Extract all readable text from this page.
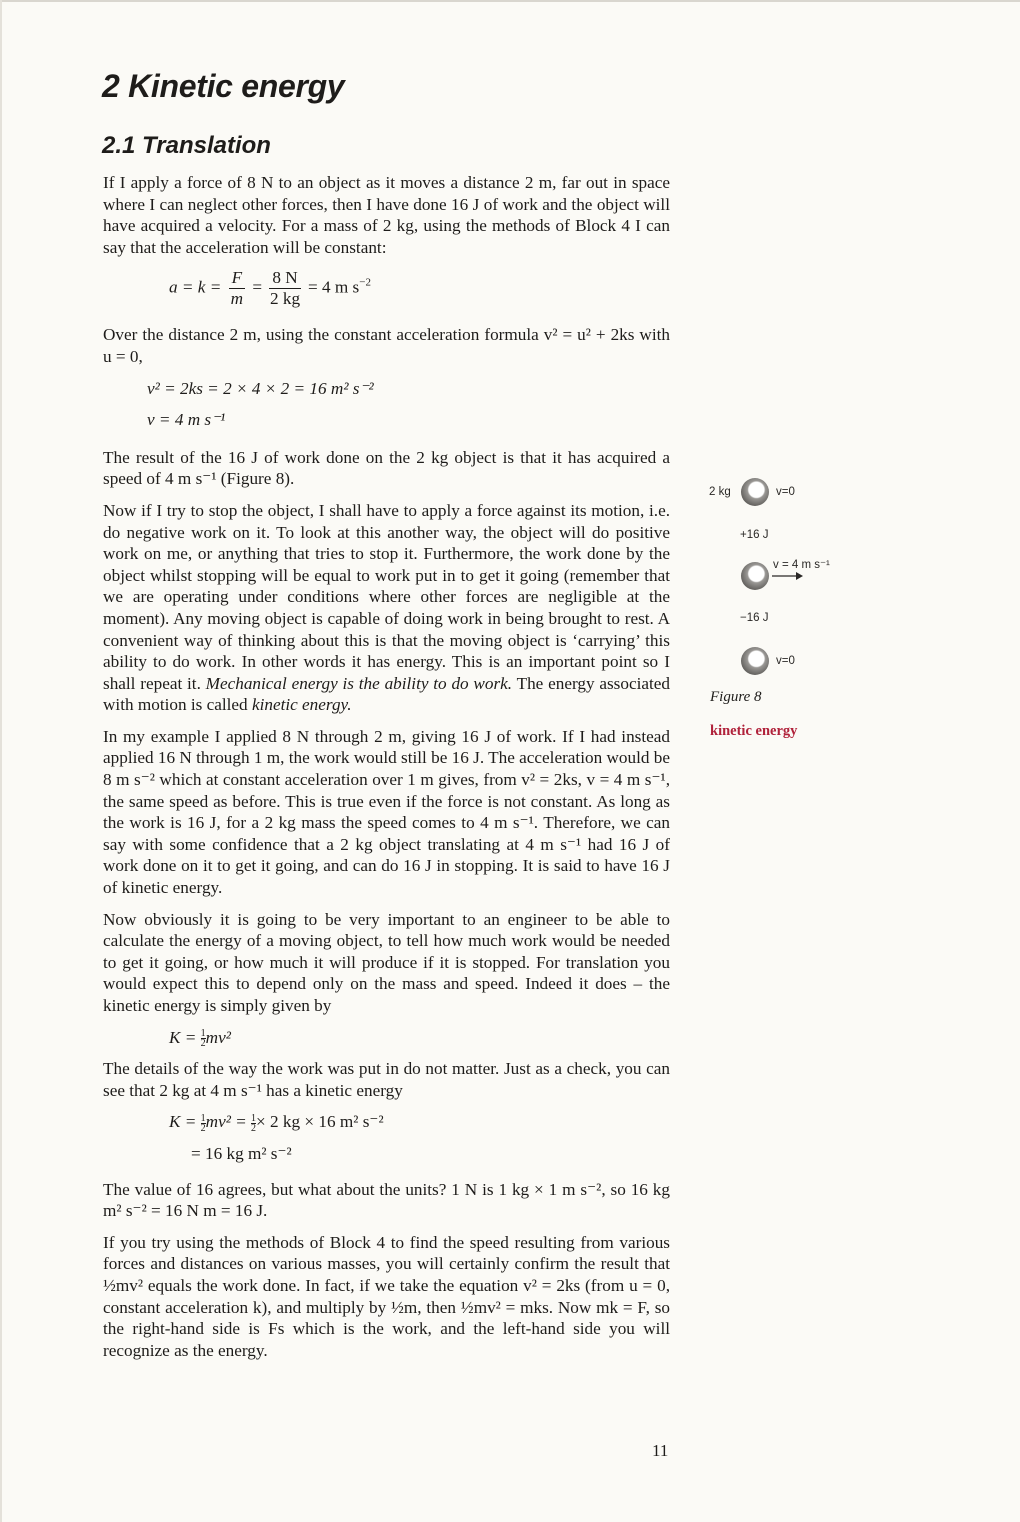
2 Kinetic energy
2.1 Translation

If I apply a force of 8 N to an object as it moves a distance 2 m, far out in space where I can neglect other forces, then I have done 16 J of work and the object will have acquired a velocity. For a mass of 2 kg, using the methods of Block 4 I can say that the acceleration will be constant:

$a = k = \frac{F}{m} = \frac{8 N}{2 kg} = 4$ m $s^{-2}$

Over the distance 2 m, using the constant acceleration formula v² = u² + 2ks with u = 0,

v² = 2ks = 2 × 4 × 2 = 16 m² s⁻²
v = 4 m s⁻¹

The result of the 16 J of work done on the 2 kg object is that it has acquired a speed of 4 m s⁻¹ (Figure 8).

Now if I try to stop the object, I shall have to apply a force against its motion, i.e. do negative work on it. To look at this another way, the object will do positive work on me, or anything that tries to stop it. Furthermore, the work done by the object whilst stopping will be equal to work put in to get it going (remember that we are operating under conditions where other forces are negligible at the moment). Any moving object is capable of doing work in being brought to rest. A convenient way of thinking about this is that the moving object is ‘carrying’ this ability to do work. In other words it has energy. This is an important point so I shall repeat it. Mechanical energy is the ability to do work. The energy associated with motion is called kinetic energy.

In my example I applied 8 N through 2 m, giving 16 J of work. If I had instead applied 16 N through 1 m, the work would still be 16 J. The acceleration would be 8 m s⁻² which at constant acceleration over 1 m gives, from v² = 2ks, v = 4 m s⁻¹, the same speed as before. This is true even if the force is not constant. As long as the work is 16 J, for a 2 kg mass the speed comes to 4 m s⁻¹. Therefore, we can say with some confidence that a 2 kg object translating at 4 m s⁻¹ had 16 J of work done on it to get it going, and can do 16 J in stopping. It is said to have 16 J of kinetic energy.

Now obviously it is going to be very important to an engineer to be able to calculate the energy of a moving object, to tell how much work would be needed to get it going, or how much it will produce if it is stopped. For translation you would expect this to depend only on the mass and speed. Indeed it does – the kinetic energy is simply given by

$K = \frac{1}{2} mv^2$

The details of the way the work was put in do not matter. Just as a check, you can see that 2 kg at 4 m s⁻¹ has a kinetic energy

$K = \frac{1}{2} mv^2 = \frac{1}{2} \times 2$ kg × 16 m² s⁻²
= 16 kg m² s⁻²

The value of 16 agrees, but what about the units? 1 N is 1 kg × 1 m s⁻², so 16 kg m² s⁻² = 16 N m = 16 J.

If you try using the methods of Block 4 to find the speed resulting from various forces and distances on various masses, you will certainly confirm the result that ½mv² equals the work done. In fact, if we take the equation v² = 2ks (from u = 0, constant acceleration k), and multiply by ½m, then ½mv² = mks. Now mk = F, so the right-hand side is Fs which is the work, and the left-hand side you will recognize as the energy.

2 kg	v=0
+16 J
v = 4 m s⁻¹
−16 J
v=0
Figure 8
kinetic energy
11
